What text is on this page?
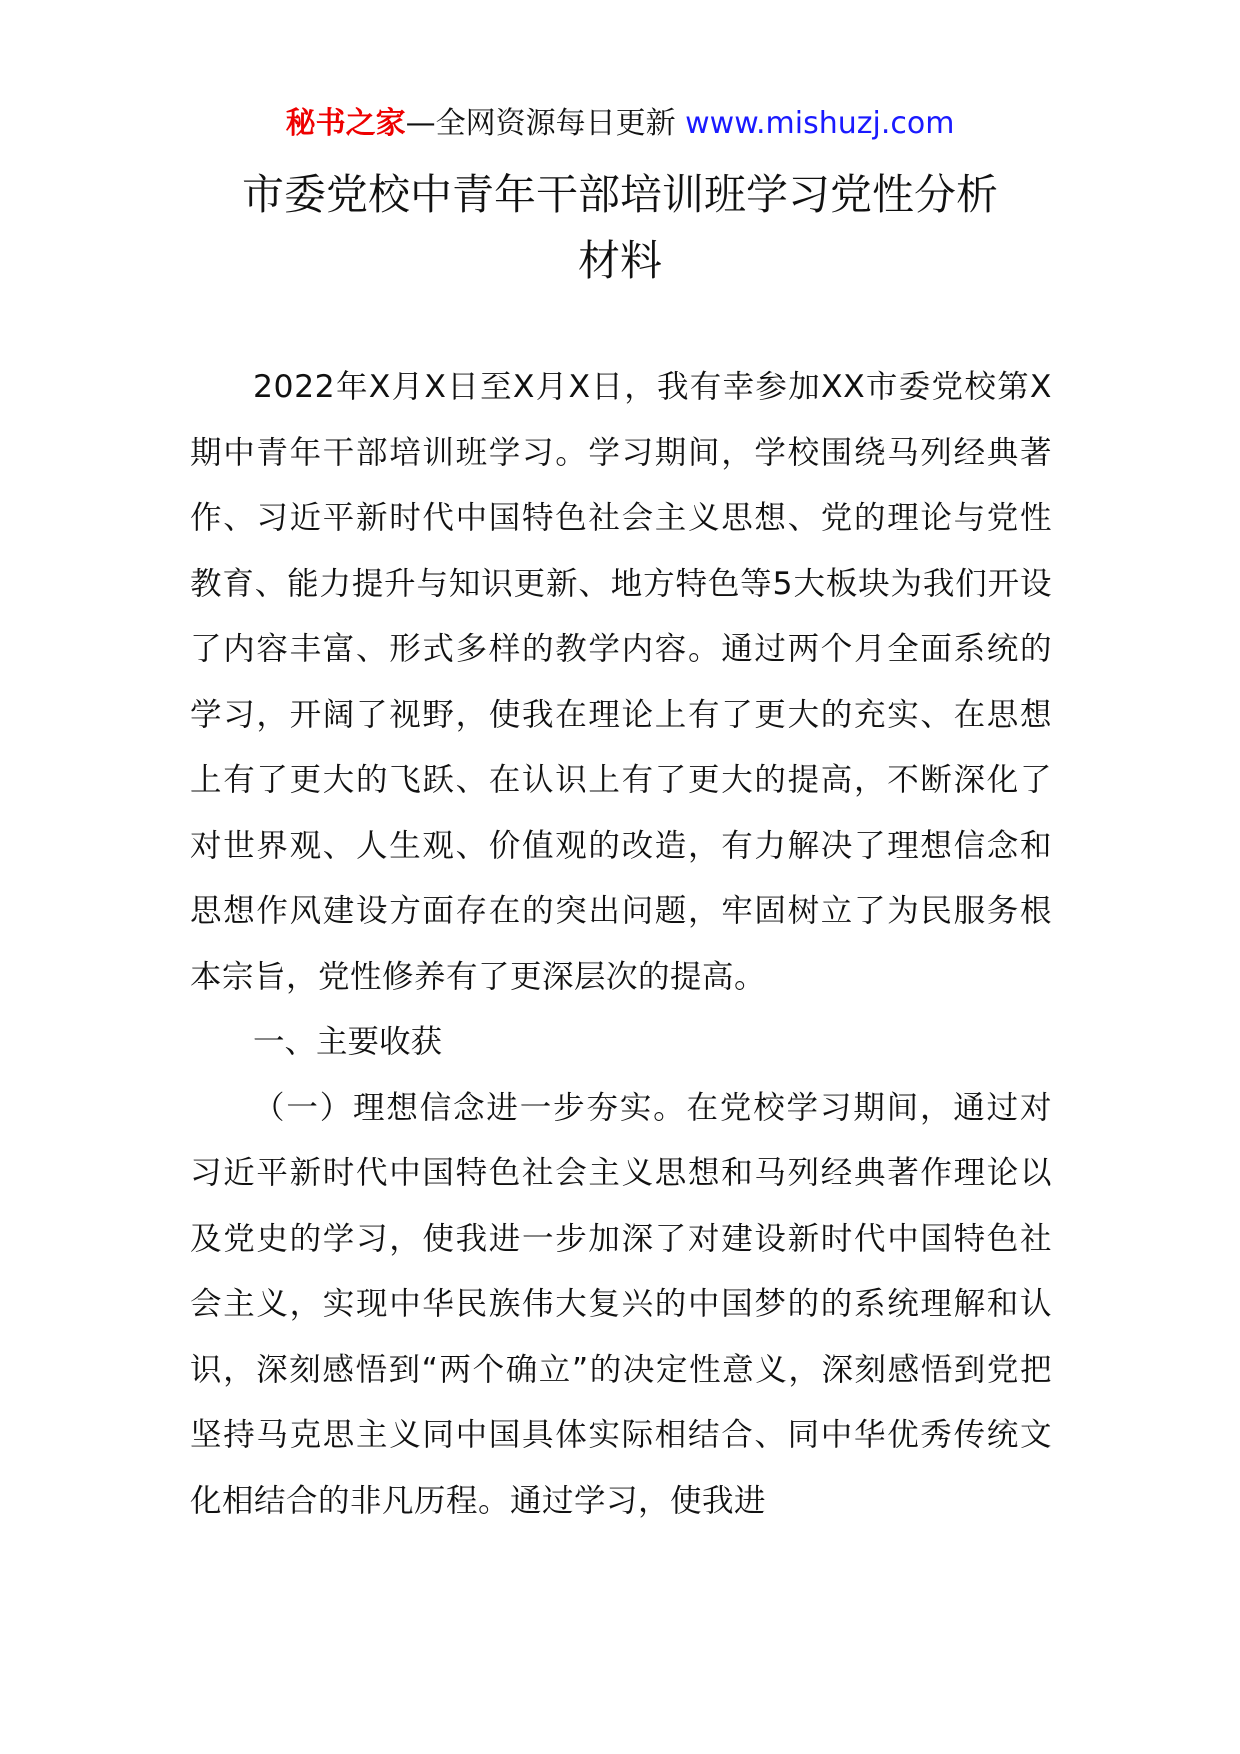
秘书之家—全网资源每日更新 www.mishuzj.com
市委党校中青年干部培训班学习党性分析
材料

2022年X月X日至X月X日，我有幸参加XX市委党校第X期中青年干部培训班学习。学习期间，学校围绕马列经典著作、习近平新时代中国特色社会主义思想、党的理论与党性教育、能力提升与知识更新、地方特色等5大板块为我们开设了内容丰富、形式多样的教学内容。通过两个月全面系统的学习，开阔了视野，使我在理论上有了更大的充实、在思想上有了更大的飞跃、在认识上有了更大的提高，不断深化了对世界观、人生观、价值观的改造，有力解决了理想信念和思想作风建设方面存在的突出问题，牢固树立了为民服务根本宗旨，党性修养有了更深层次的提高。

一、主要收获

（一）理想信念进一步夯实。在党校学习期间，通过对习近平新时代中国特色社会主义思想和马列经典著作理论以及党史的学习，使我进一步加深了对建设新时代中国特色社会主义，实现中华民族伟大复兴的中国梦的的系统理解和认识，深刻感悟到“两个确立”的决定性意义，深刻感悟到党把坚持马克思主义同中国具体实际相结合、同中华优秀传统文化相结合的非凡历程。通过学习，使我进
